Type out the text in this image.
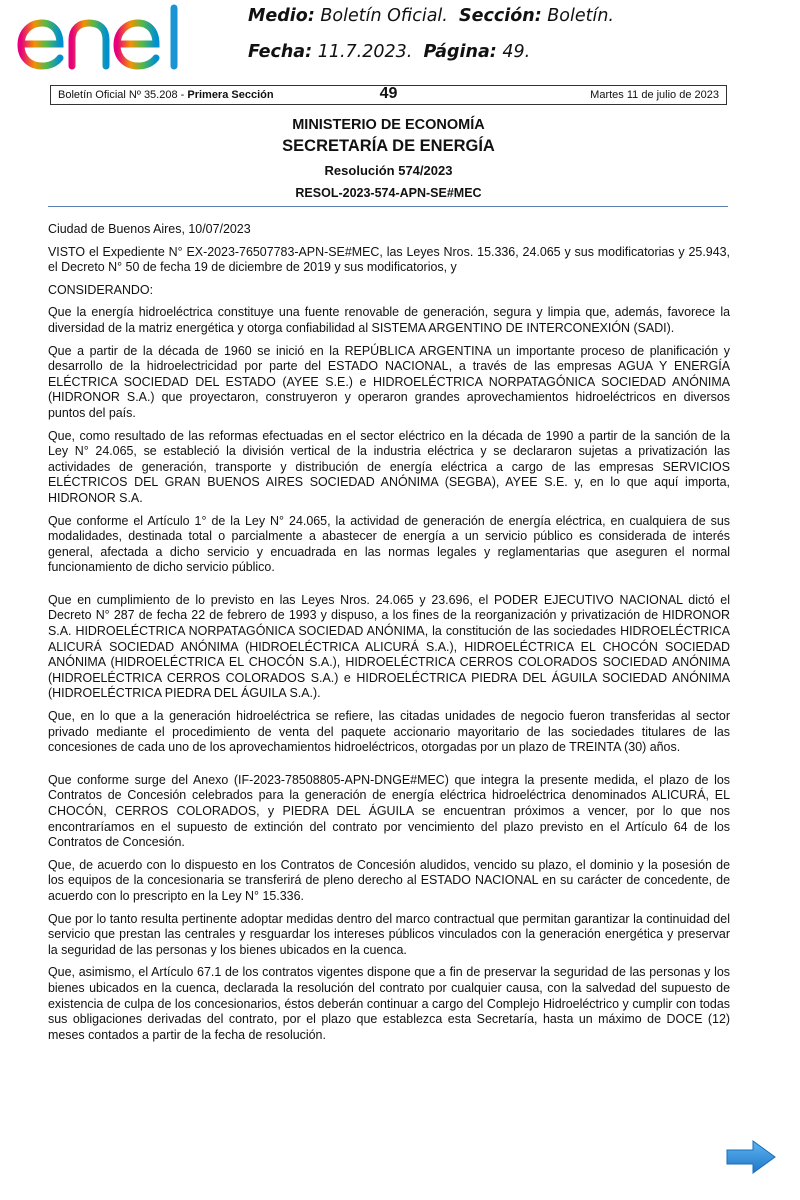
Medio: Boletín Oficial. Sección: Boletín.
Fecha: 11.7.2023. Página: 49.
Boletín Oficial Nº 35.208 - Primera Sección	49	Martes 11 de julio de 2023
MINISTERIO DE ECONOMÍA
SECRETARÍA DE ENERGÍA
Resolución 574/2023
RESOL-2023-574-APN-SE#MEC

Ciudad de Buenos Aires, 10/07/2023

VISTO el Expediente N° EX-2023-76507783-APN-SE#MEC, las Leyes Nros. 15.336, 24.065 y sus modificatorias y 25.943, el Decreto N° 50 de fecha 19 de diciembre de 2019 y sus modificatorios, y

CONSIDERANDO:

Que la energía hidroeléctrica constituye una fuente renovable de generación, segura y limpia que, además, favorece la diversidad de la matriz energética y otorga confiabilidad al SISTEMA ARGENTINO DE INTERCONEXIÓN (SADI).

Que a partir de la década de 1960 se inició en la REPÚBLICA ARGENTINA un importante proceso de planificación y desarrollo de la hidroelectricidad por parte del ESTADO NACIONAL, a través de las empresas AGUA Y ENERGÍA ELÉCTRICA SOCIEDAD DEL ESTADO (AYEE S.E.) e HIDROELÉCTRICA NORPATAGÓNICA SOCIEDAD ANÓNIMA (HIDRONOR S.A.) que proyectaron, construyeron y operaron grandes aprovechamientos hidroeléctricos en diversos puntos del país.

Que, como resultado de las reformas efectuadas en el sector eléctrico en la década de 1990 a partir de la sanción de la Ley N° 24.065, se estableció la división vertical de la industria eléctrica y se declararon sujetas a privatización las actividades de generación, transporte y distribución de energía eléctrica a cargo de las empresas SERVICIOS ELÉCTRICOS DEL GRAN BUENOS AIRES SOCIEDAD ANÓNIMA (SEGBA), AYEE S.E. y, en lo que aquí importa, HIDRONOR S.A.

Que conforme el Artículo 1° de la Ley N° 24.065, la actividad de generación de energía eléctrica, en cualquiera de sus modalidades, destinada total o parcialmente a abastecer de energía a un servicio público es considerada de interés general, afectada a dicho servicio y encuadrada en las normas legales y reglamentarias que aseguren el normal funcionamiento de dicho servicio público.

Que en cumplimiento de lo previsto en las Leyes Nros. 24.065 y 23.696, el PODER EJECUTIVO NACIONAL dictó el Decreto N° 287 de fecha 22 de febrero de 1993 y dispuso, a los fines de la reorganización y privatización de HIDRONOR S.A. HIDROELÉCTRICA NORPATAGÓNICA SOCIEDAD ANÓNIMA, la constitución de las sociedades HIDROELÉCTRICA ALICURÁ SOCIEDAD ANÓNIMA (HIDROELÉCTRICA ALICURÁ S.A.), HIDROELÉCTRICA EL CHOCÓN SOCIEDAD ANÓNIMA (HIDROELÉCTRICA EL CHOCÓN S.A.), HIDROELÉCTRICA CERROS COLORADOS SOCIEDAD ANÓNIMA (HIDROELÉCTRICA CERROS COLORADOS S.A.) e HIDROELÉCTRICA PIEDRA DEL ÁGUILA SOCIEDAD ANÓNIMA (HIDROELÉCTRICA PIEDRA DEL ÁGUILA S.A.).

Que, en lo que a la generación hidroeléctrica se refiere, las citadas unidades de negocio fueron transferidas al sector privado mediante el procedimiento de venta del paquete accionario mayoritario de las sociedades titulares de las concesiones de cada uno de los aprovechamientos hidroeléctricos, otorgadas por un plazo de TREINTA (30) años.

Que conforme surge del Anexo (IF-2023-78508805-APN-DNGE#MEC) que integra la presente medida, el plazo de los Contratos de Concesión celebrados para la generación de energía eléctrica hidroeléctrica denominados ALICURÁ, EL CHOCÓN, CERROS COLORADOS, y PIEDRA DEL ÁGUILA se encuentran próximos a vencer, por lo que nos encontraríamos en el supuesto de extinción del contrato por vencimiento del plazo previsto en el Artículo 64 de los Contratos de Concesión.

Que, de acuerdo con lo dispuesto en los Contratos de Concesión aludidos, vencido su plazo, el dominio y la posesión de los equipos de la concesionaria se transferirá de pleno derecho al ESTADO NACIONAL en su carácter de concedente, de acuerdo con lo prescripto en la Ley N° 15.336.

Que por lo tanto resulta pertinente adoptar medidas dentro del marco contractual que permitan garantizar la continuidad del servicio que prestan las centrales y resguardar los intereses públicos vinculados con la generación energética y preservar la seguridad de las personas y los bienes ubicados en la cuenca.

Que, asimismo, el Artículo 67.1 de los contratos vigentes dispone que a fin de preservar la seguridad de las personas y los bienes ubicados en la cuenca, declarada la resolución del contrato por cualquier causa, con la salvedad del supuesto de existencia de culpa de los concesionarios, éstos deberán continuar a cargo del Complejo Hidroeléctrico y cumplir con todas sus obligaciones derivadas del contrato, por el plazo que establezca esta Secretaría, hasta un máximo de DOCE (12) meses contados a partir de la fecha de resolución.
